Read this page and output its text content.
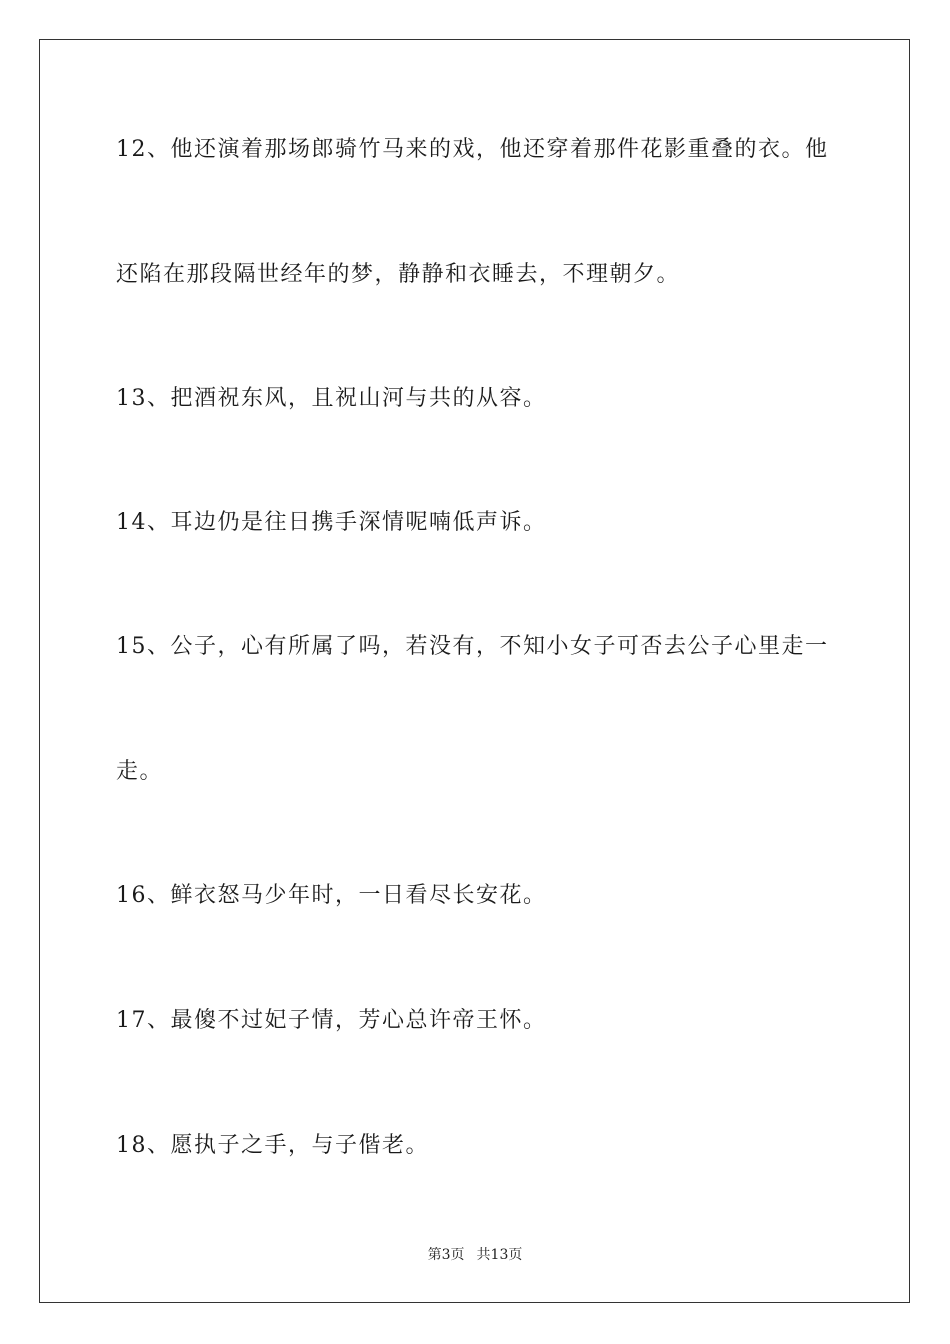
12、他还演着那场郎骑竹马来的戏，他还穿着那件花影重叠的衣。他
还陷在那段隔世经年的梦，静静和衣睡去，不理朝夕。
13、把酒祝东风，且祝山河与共的从容。
14、耳边仍是往日携手深情呢喃低声诉。
15、公子，心有所属了吗，若没有，不知小女子可否去公子心里走一
走。
16、鲜衣怒马少年时，一日看尽长安花。
17、最傻不过妃子情，芳心总许帝王怀。
18、愿执子之手，与子偕老。
第3页 共13页
